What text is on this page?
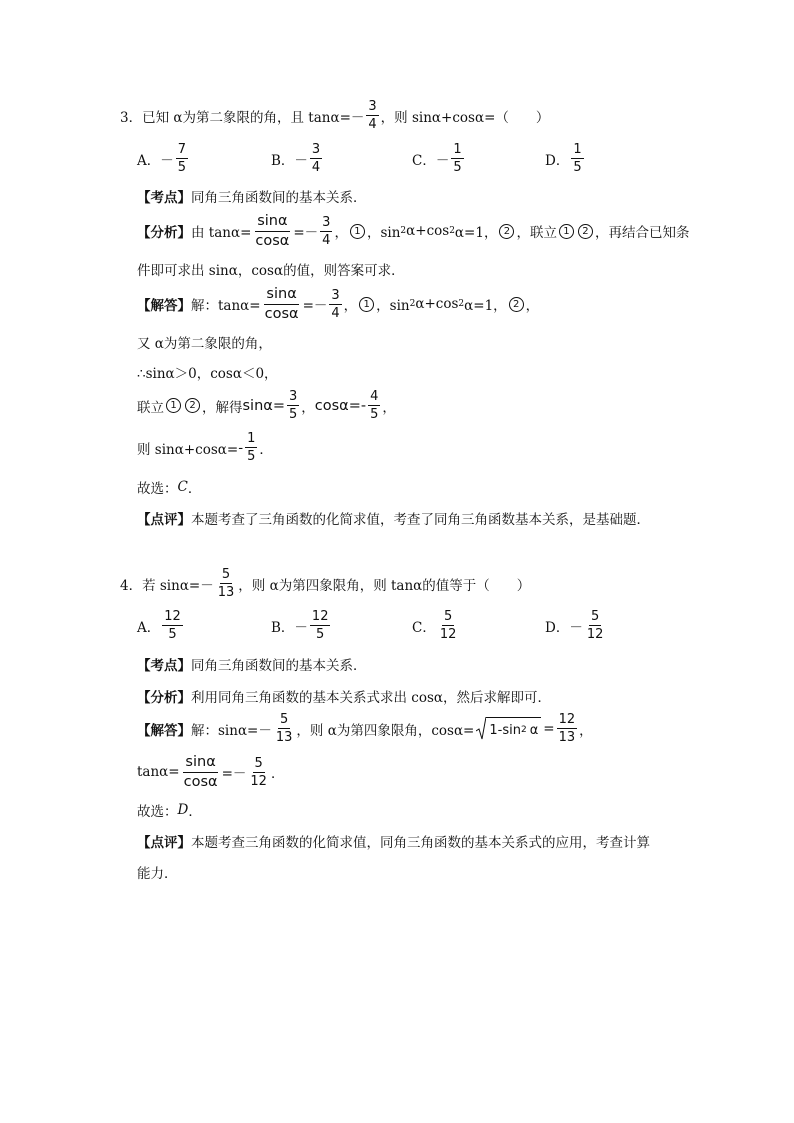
3．已知 α为第二象限的角，且 $\tan\alpha=- \frac{3}{4}$ ，则 sinα+cosα=（　　）
A．－ $\frac{7}{5}$	B．－ $\frac{3}{4}$	C．－ $\frac{1}{5}$	D． $\frac{1}{5}$
【考点】 同角三角函数间的基本关系．
【分析】 由 $\tan\alpha= \frac{\sin\alpha}{\cos\alpha} =- \frac{3}{4}$ ， 1 ，sin 2 α+cos 2 α=1， 2 ，联立 1	2 ，再结合已知条
件即可求出 sinα，cosα的值，则答案可求．
【解答】 解：$\tan\alpha= \frac{\sin\alpha}{\cos\alpha} =- \frac{3}{4}$ ， 1 ，sin 2 α+cos 2 α=1， 2 ，
又 α为第二象限的角，
∴sinα＞0，cosα＜0，
联立 1	2 ，解得 $\sin\alpha= \frac{3}{5}$ ， $\cos\alpha=- \frac{4}{5}$ ，
则 $\sin\alpha+\cos\alpha= - \frac{1}{5}$ ．
故选： C ．
【点评】 本题考查了三角函数的化简求值，考查了同角三角函数基本关系，是基础题．
4．若 $\sin\alpha=- \frac{5}{13}$ ，则 α为第四象限角，则 tanα的值等于（　　）
A． $\frac{12}{5}$	B．－ $\frac{12}{5}$	C． $\frac{5}{12}$	D．－ $\frac{5}{12}$
【考点】 同角三角函数间的基本关系．
【分析】 利用同角三角函数的基本关系式求出 cosα，然后求解即可．
【解答】 解：$\sin\alpha=- \frac{5}{13}$ ，则 α为第四象限角，cosα= 1-sin 2 $\alpha = \frac{12}{13}$ ，
$\tan\alpha= \frac{\sin\alpha}{\cos\alpha} =- \frac{5}{12}$ ．
故选： D ．
【点评】 本题考查三角函数的化简求值，同角三角函数的基本关系式的应用，考查计算
能力．
